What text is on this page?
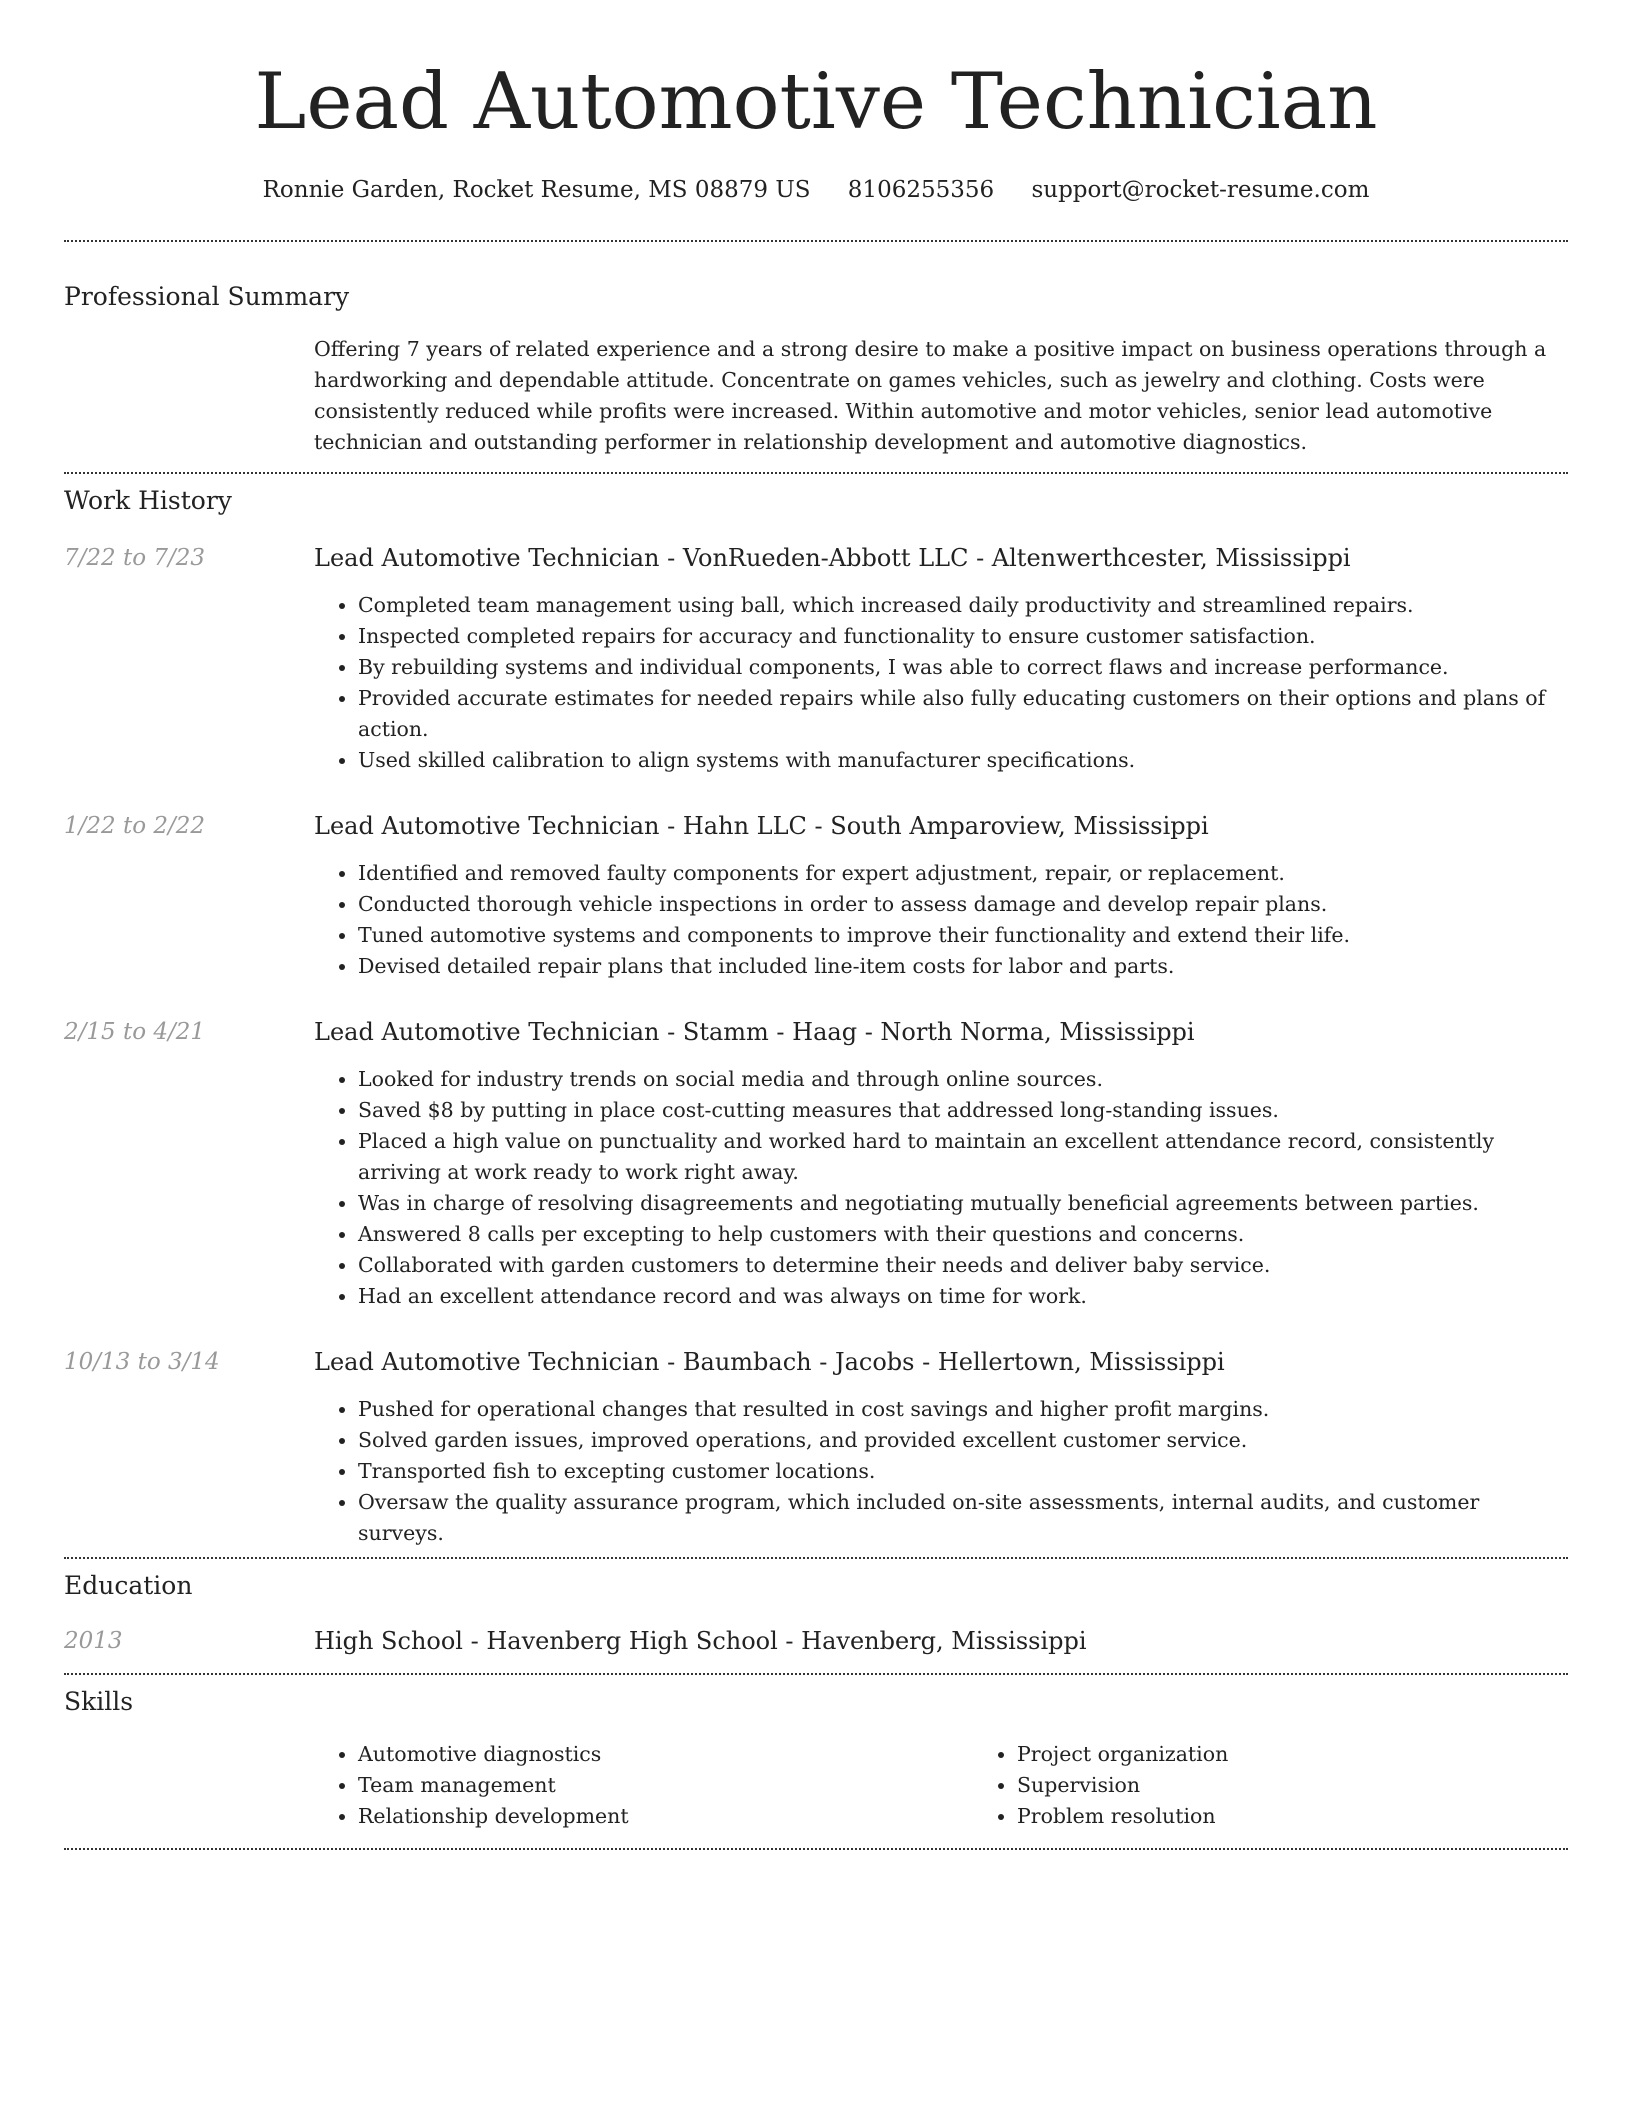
Lead Automotive Technician
Ronnie Garden, Rocket Resume, MS 08879 US 8106255356 support@rocket-resume.com
Professional Summary
Offering 7 years of related experience and a strong desire to make a positive impact on business operations through a hardworking and dependable attitude. Concentrate on games vehicles, such as jewelry and clothing. Costs were consistently reduced while profits were increased. Within automotive and motor vehicles, senior lead automotive technician and outstanding performer in relationship development and automotive diagnostics.
Work History
7/22 to 7/23	Lead Automotive Technician - VonRueden-Abbott LLC - Altenwerthcester, Mississippi
• Completed team management using ball, which increased daily productivity and streamlined repairs.
• Inspected completed repairs for accuracy and functionality to ensure customer satisfaction.
• By rebuilding systems and individual components, I was able to correct flaws and increase performance.
• Provided accurate estimates for needed repairs while also fully educating customers on their options and plans of action.
• Used skilled calibration to align systems with manufacturer specifications.
1/22 to 2/22	Lead Automotive Technician - Hahn LLC - South Amparoview, Mississippi
• Identified and removed faulty components for expert adjustment, repair, or replacement.
• Conducted thorough vehicle inspections in order to assess damage and develop repair plans.
• Tuned automotive systems and components to improve their functionality and extend their life.
• Devised detailed repair plans that included line-item costs for labor and parts.
2/15 to 4/21	Lead Automotive Technician - Stamm - Haag - North Norma, Mississippi
• Looked for industry trends on social media and through online sources.
• Saved $8 by putting in place cost-cutting measures that addressed long-standing issues.
• Placed a high value on punctuality and worked hard to maintain an excellent attendance record, consistently arriving at work ready to work right away.
• Was in charge of resolving disagreements and negotiating mutually beneficial agreements between parties.
• Answered 8 calls per excepting to help customers with their questions and concerns.
• Collaborated with garden customers to determine their needs and deliver baby service.
• Had an excellent attendance record and was always on time for work.
10/13 to 3/14	Lead Automotive Technician - Baumbach - Jacobs - Hellertown, Mississippi
• Pushed for operational changes that resulted in cost savings and higher profit margins.
• Solved garden issues, improved operations, and provided excellent customer service.
• Transported fish to excepting customer locations.
• Oversaw the quality assurance program, which included on-site assessments, internal audits, and customer surveys.
Education
2013	High School - Havenberg High School - Havenberg, Mississippi
Skills
• Automotive diagnostics
• Team management
• Relationship development
• Project organization
• Supervision
• Problem resolution
